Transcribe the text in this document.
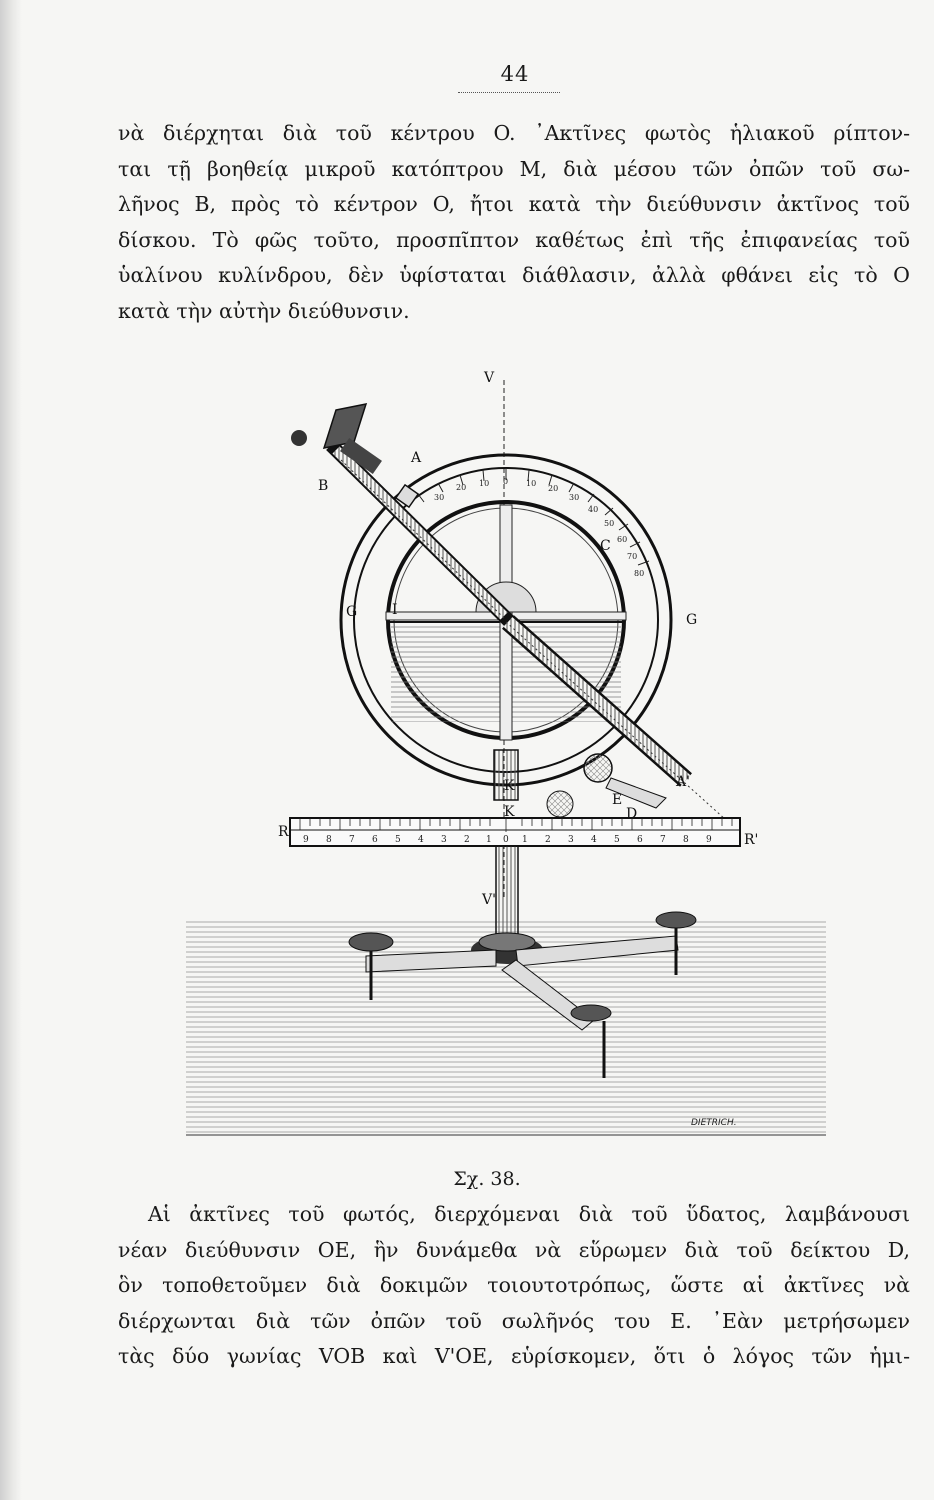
44
νὰ διέρχηται διὰ τοῦ κέντρου O. ᾿Ακτῖνες φωτὸς ἡλιακοῦ ρίπτον-
ται τῇ βοηθείᾳ μικροῦ κατόπτρου M, διὰ μέσου τῶν ὀπῶν τοῦ σω-
λῆνος B, πρὸς τὸ κέντρον O, ἤτοι κατὰ τὴν διεύθυνσιν ἀκτῖνος τοῦ
δίσκου. Τὸ φῶς τοῦτο, προσπῖπτον καθέτως ἐπὶ τῆς ἐπιφανείας τοῦ
ὑαλίνου κυλίνδρου, δὲν ὑφίσταται διάθλασιν, ἀλλὰ φθάνει εἰς τὸ O
κατὰ τὴν αὐτὴν διεύθυνσιν.
30
20 10 0 10
20
30
40
50
60
70
80
9 8 7 6 5 4 3 2 1 0 1 2 3 4 5 6 7 8 9
V
V'
A
B
C
G	G
I
K
K
A'
E
D
R	R'
DIETRICH.
Σχ. 38.
Αἱ ἀκτῖνες τοῦ φωτός, διερχόμεναι διὰ τοῦ ὕδατος, λαμβάνουσι
νέαν διεύθυνσιν OE, ἣν δυνάμεθα νὰ εὕρωμεν διὰ τοῦ δείκτου D,
ὃν τοποθετοῦμεν διὰ δοκιμῶν τοιουτοτρόπως, ὥστε αἱ ἀκτῖνες νὰ
διέρχωνται διὰ τῶν ὀπῶν τοῦ σωλῆνός του E. ᾿Εὰν μετρήσωμεν
τὰς δύο γωνίας VOB καὶ V'OE, εὑρίσκομεν, ὅτι ὁ λόγος τῶν ἡμι-
